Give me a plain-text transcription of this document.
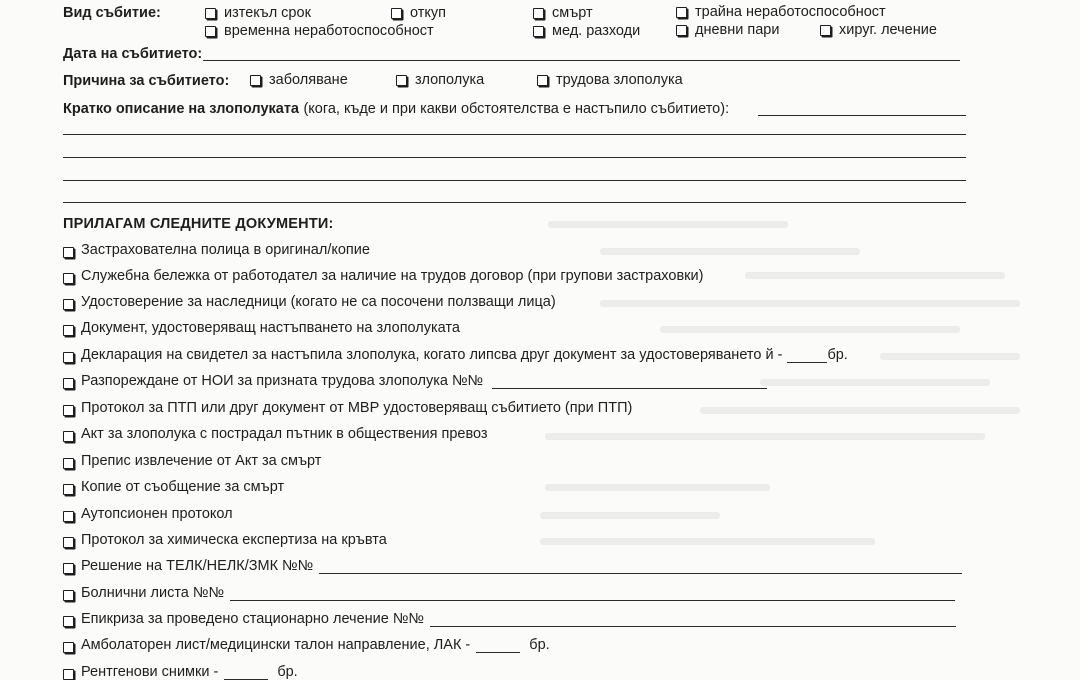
Вид събитие:	изтекъл срок	откуп	смърт	трайна неработоспособност
временна неработоспособност	мед. разходи	дневни пари	хируг. лечение
Дата на събитието:
Причина за събитието:	заболяване	злополука	трудова злополука
Кратко описание на злополуката (кога, къде и при какви обстоятелства е настъпило събитието):
ПРИЛАГАМ СЛЕДНИТЕ ДОКУМЕНТИ:
Застрахователна полица в оригинал/копие
Служебна бележка от работодател за наличие на трудов договор (при групови застраховки)
Удостоверение за наследници (когато не са посочени ползващи лица)
Документ, удостоверяващ настъпването на злополуката
Декларация на свидетел за настъпила злополука, когато липсва друг документ за удостоверяването й -	бр.
Разпореждане от НОИ за призната трудова злополука №№
Протокол за ПТП или друг документ от МВР удостоверяващ събитието (при ПТП)
Акт за злополука с пострадал пътник в обществения превоз
Препис извлечение от Акт за смърт
Копие от съобщение за смърт
Аутопсионен протокол
Протокол за химическа експертиза на кръвта
Решение на ТЕЛК/НЕЛК/ЗМК №№
Болнични листа №№
Епикриза за проведено стационарно лечение №№
Амболаторен лист/медицински талон направление, ЛАК -	бр.
Рентгенови снимки -	бр.
